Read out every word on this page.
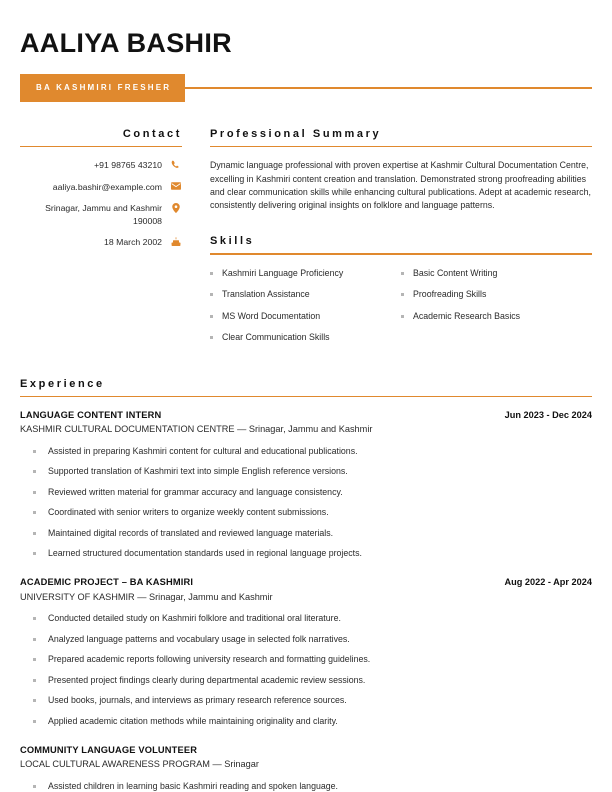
AALIYA BASHIR
BA KASHMIRI FRESHER
Contact
+91 98765 43210
aaliya.bashir@example.com
Srinagar, Jammu and Kashmir 190008
18 March 2002
Professional Summary
Dynamic language professional with proven expertise at Kashmir Cultural Documentation Centre, excelling in Kashmiri content creation and translation. Demonstrated strong proofreading abilities and clear communication skills while enhancing cultural publications. Adept at academic research, consistently delivering original insights on folklore and language patterns.
Skills
Kashmiri Language Proficiency
Translation Assistance
MS Word Documentation
Clear Communication Skills
Basic Content Writing
Proofreading Skills
Academic Research Basics
Experience
LANGUAGE CONTENT INTERN	Jun 2023 - Dec 2024
KASHMIR CULTURAL DOCUMENTATION CENTRE — Srinagar, Jammu and Kashmir
Assisted in preparing Kashmiri content for cultural and educational publications.
Supported translation of Kashmiri text into simple English reference versions.
Reviewed written material for grammar accuracy and language consistency.
Coordinated with senior writers to organize weekly content submissions.
Maintained digital records of translated and reviewed language materials.
Learned structured documentation standards used in regional language projects.
ACADEMIC PROJECT – BA KASHMIRI	Aug 2022 - Apr 2024
UNIVERSITY OF KASHMIR — Srinagar, Jammu and Kashmir
Conducted detailed study on Kashmiri folklore and traditional oral literature.
Analyzed language patterns and vocabulary usage in selected folk narratives.
Prepared academic reports following university research and formatting guidelines.
Presented project findings clearly during departmental academic review sessions.
Used books, journals, and interviews as primary research reference sources.
Applied academic citation methods while maintaining originality and clarity.
COMMUNITY LANGUAGE VOLUNTEER
LOCAL CULTURAL AWARENESS PROGRAM — Srinagar
Assisted children in learning basic Kashmiri reading and spoken language.
